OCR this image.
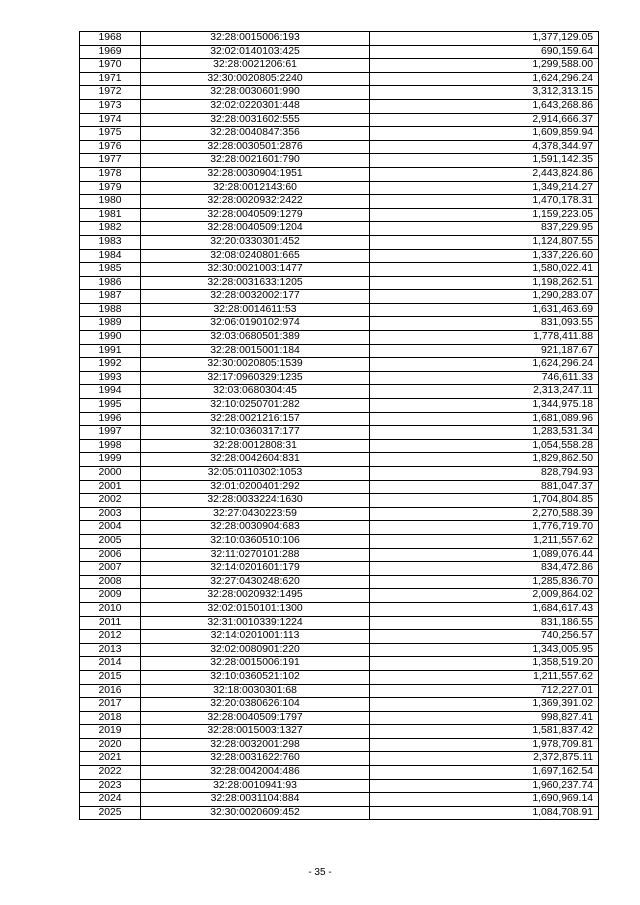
1968	32:28:0015006:193	1,377,129.05
1969	32:02:0140103:425	690,159.64
1970	32:28:0021206:61	1,299,588.00
1971	32:30:0020805:2240	1,624,296.24
1972	32:28:0030601:990	3,312,313.15
1973	32:02:0220301:448	1,643,268.86
1974	32:28:0031602:555	2,914,666.37
1975	32:28:0040847:356	1,609,859.94
1976	32:28:0030501:2876	4,378,344.97
1977	32:28:0021601:790	1,591,142.35
1978	32:28:0030904:1951	2,443,824.86
1979	32:28:0012143:60	1,349,214.27
1980	32:28:0020932:2422	1,470,178.31
1981	32:28:0040509:1279	1,159,223.05
1982	32:28:0040509:1204	837,229.95
1983	32:20:0330301:452	1,124,807.55
1984	32:08:0240801:665	1,337,226.60
1985	32:30:0021003:1477	1,580,022.41
1986	32:28:0031633:1205	1,198,262.51
1987	32:28:0032002:177	1,290,283.07
1988	32:28:0014611:53	1,631,463.69
1989	32:06:0190102:974	831,093.55
1990	32:03:0680501:389	1,778,411.88
1991	32:28:0015001:184	921,187.67
1992	32:30:0020805:1539	1,624,296.24
1993	32:17:0960329:1235	746,611.33
1994	32:03:0680304:45	2,313,247.11
1995	32:10:0250701:282	1,344,975.18
1996	32:28:0021216:157	1,681,089.96
1997	32:10:0360317:177	1,283,531.34
1998	32:28:0012808:31	1,054,558.28
1999	32:28:0042604:831	1,829,862.50
2000	32:05:0110302:1053	828,794.93
2001	32:01:0200401:292	881,047.37
2002	32:28:0033224:1630	1,704,804.85
2003	32:27:0430223:59	2,270,588.39
2004	32:28:0030904:683	1,776,719.70
2005	32:10:0360510:106	1,211,557.62
2006	32:11:0270101:288	1,089,076.44
2007	32:14:0201601:179	834,472.86
2008	32:27:0430248:620	1,285,836.70
2009	32:28:0020932:1495	2,009,864.02
2010	32:02:0150101:1300	1,684,617.43
2011	32:31:0010339:1224	831,186.55
2012	32:14:0201001:113	740,256.57
2013	32:02:0080901:220	1,343,005.95
2014	32:28:0015006:191	1,358,519.20
2015	32:10:0360521:102	1,211,557.62
2016	32:18:0030301:68	712,227.01
2017	32:20:0380626:104	1,369,391.02
2018	32:28:0040509:1797	998,827.41
2019	32:28:0015003:1327	1,581,837.42
2020	32:28:0032001:298	1,978,709.81
2021	32:28:0031622:760	2,372,875.11
2022	32:28:0042004:486	1,697,162.54
2023	32:28:0010941:93	1,960,237.74
2024	32:28:0031104:884	1,690,969.14
2025	32:30:0020609:452	1,084,708.91
- 35 -
